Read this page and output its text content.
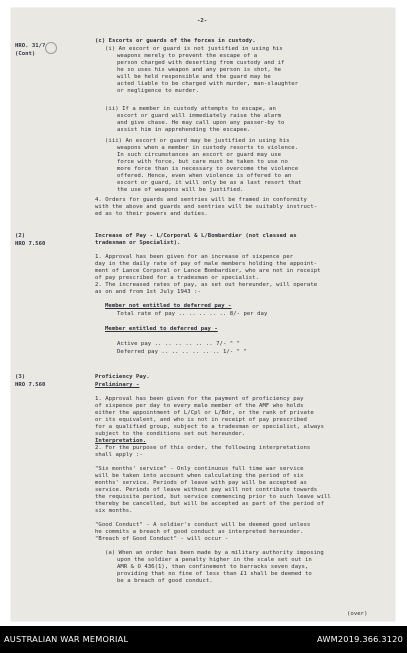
-2-
HRO. 31/?
(Cont)
(2)
HRO 7.560
(3)
HRO 7.560
(c) Escorts or guards of the forces in custody.
(i) An escort or guard is not justified in using his
weapons merely to prevent the escape of a
person charged with deserting from custody and if
he so uses his weapon and any person is shot, he
will be held responsible and the guard may be
acted liable to be charged with murder, man-slaughter
or negligence to murder.
(ii) If a member in custody attempts to escape, an
escort or guard will immediately raise the alarm
and give chase. He may call upon any passer-by to
assist him in apprehending the escapee.
(iii) An escort or guard may be justified in using his
weapons when a member in custody resorts to violence.
In such circumstances an escort or guard may use
force with force, but care must be taken to use no
more force than is necessary to overcome the violence
offered. Hence, even when violence is offered to an
escort or guard, it will only be as a last resort that
the use of weapons will be justified.
4. Orders for guards and sentries will be framed in conformity
with the above and guards and sentries will be suitably instruct-
ed as to their powers and duties.
Increase of Pay - L/Corporal & L/Bombardier (not classed as
tradesman or Specialist).
1. Approval has been given for an increase of sixpence per
day in the daily rate of pay of male members holding the appoint-
ment of Lance Corporal or Lance Bombardier, who are not in receipt
of pay prescribed for a tradesman or specialist.
2. The increased rates of pay, as set out hereunder, will operate
as on and from 1st July 1943 :-
Member not entitled to deferred pay -
Total rate of pay .. .. .. .. .. 8/- per day
Member entitled to deferred pay -
Active pay .. .. .. .. .. .. 7/- " "
Deferred pay .. .. .. .. .. .. 1/- " "
Proficiency Pay.
Preliminary -
1. Approval has been given for the payment of proficiency pay
of sixpence per day to every male member of the AMF who holds
either the appointment of L/Cpl or L/Bdr, or the rank of private
or its equivalent, and who is not in receipt of pay prescribed
for a qualified group, subject to a tradesman or specialist, always
subject to the conditions set out hereunder.
Interpretation.
2. For the purpose of this order, the following interpretations
shall apply :-
"Six months' service" - Only continuous full time war service
will be taken into account when calculating the period of six
months' service. Periods of leave with pay will be accepted as
service. Periods of leave without pay will not contribute towards
the requisite period, but service commencing prior to such leave will
thereby be cancelled, but will be accepted as part of the period of
six months.
"Good Conduct" - A soldier's conduct will be deemed good unless
he commits a breach of good conduct as interpreted hereunder.
"Breach of Good Conduct" - will occur -
(a) When an order has been made by a military authority imposing
upon the soldier a penalty higher in the scale set out in
AMR & O 436(1), than confinement to barracks seven days,
providing that no fine of less than £1 shall be deemed to
be a breach of good conduct.
(over)
AUSTRALIAN WAR MEMORIAL	AWM2019.366.3120
